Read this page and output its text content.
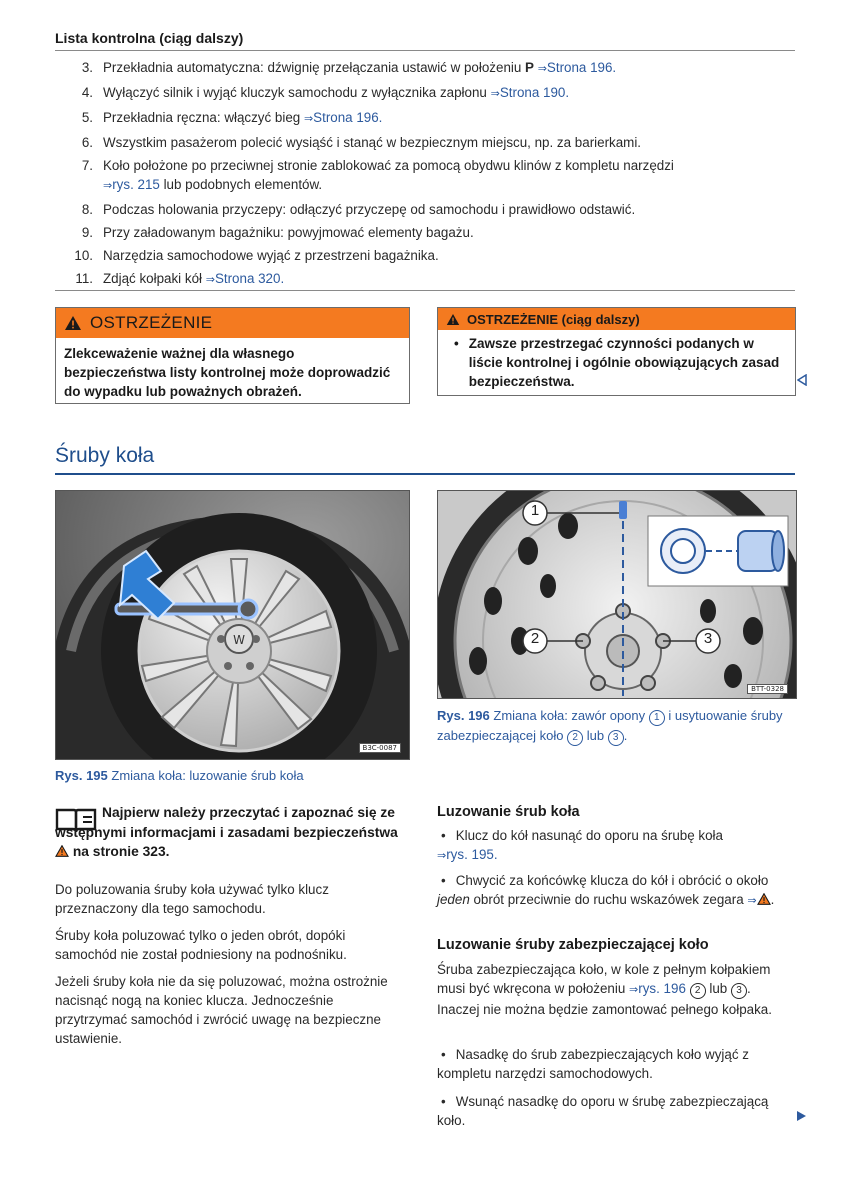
Lista kontrolna (ciąg dalszy)
3. Przekładnia automatyczna: dźwignię przełączania ustawić w położeniu P ⇒Strona 196.
4. Wyłączyć silnik i wyjąć kluczyk samochodu z wyłącznika zapłonu ⇒Strona 190.
5. Przekładnia ręczna: włączyć bieg ⇒Strona 196.
6. Wszystkim pasażerom polecić wysiąść i stanąć w bezpiecznym miejscu, np. za barierkami.
7. Koło położone po przeciwnej stronie zablokować za pomocą obydwu klinów z kompletu narzędzi
⇒rys. 215 lub podobnych elementów.
8. Podczas holowania przyczepy: odłączyć przyczepę od samochodu i prawidłowo odstawić.
9. Przy załadowanym bagażniku: powyjmować elementy bagażu.
10. Narzędzia samochodowe wyjąć z przestrzeni bagażnika.
11. Zdjąć kołpaki kół ⇒Strona 320.
OSTRZEŻENIE
Zlekceważenie ważnej dla własnego bezpieczeństwa listy kontrolnej może doprowadzić do wypadku lub poważnych obrażeń.
OSTRZEŻENIE (ciąg dalszy)
• Zawsze przestrzegać czynności podanych w liście kontrolnej i ogólnie obowiązujących zasad bezpieczeństwa.
Śruby koła
W
B3C-0087
Rys. 195 Zmiana koła: luzowanie śrub koła
1
2	3
BTT-0328
Rys. 196 Zmiana koła: zawór opony 1 i usytuowanie śruby zabezpieczającej koło 2 lub 3 .
Najpierw należy przeczytać i zapoznać się ze wstępnymi informacjami i zasadami bezpieczeństwa  na stronie 323.
Do poluzowania śruby koła używać tylko klucz przeznaczony dla tego samochodu.
Śruby koła poluzować tylko o jeden obrót, dopóki samochód nie został podniesiony na podnośniku.
Jeżeli śruby koła nie da się poluzować, można ostrożnie nacisnąć nogą na koniec klucza. Jednocześnie przytrzymać samochód i zwrócić uwagę na bezpieczne ustawienie.
Luzowanie śrub koła
• Klucz do kół nasunąć do oporu na śrubę koła
⇒rys. 195.
• Chwycić za końcówkę klucza do kół i obrócić o około jeden obrót przeciwnie do ruchu wskazówek zegara ⇒ .
Luzowanie śruby zabezpieczającej koło
Śruba zabezpieczająca koło, w kole z pełnym kołpakiem musi być wkręcona w położeniu ⇒rys. 196 2 lub 3 . Inaczej nie można będzie zamontować pełnego kołpaka.
• Nasadkę do śrub zabezpieczających koło wyjąć z kompletu narzędzi samochodowych.
• Wsunąć nasadkę do oporu w śrubę zabezpieczającą koło.
